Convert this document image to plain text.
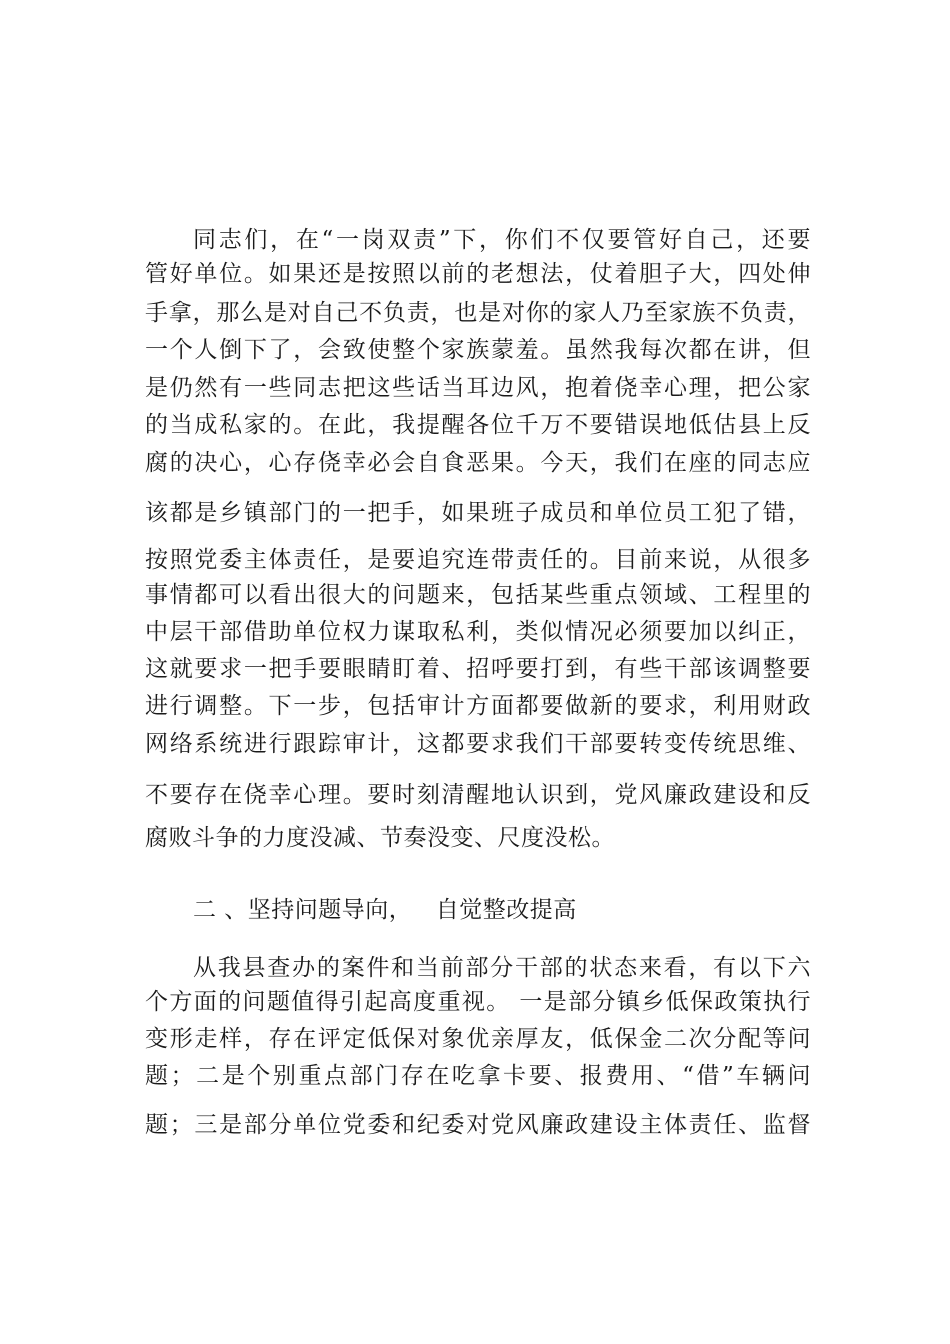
同志们，在“一岗双责”下，你们不仅要管好自己，还要
管好单位。如果还是按照以前的老想法，仗着胆子大，四处伸
手拿，那么是对自己不负责，也是对你的家人乃至家族不负责，
一个人倒下了，会致使整个家族蒙羞。虽然我每次都在讲，但
是仍然有一些同志把这些话当耳边风，抱着侥幸心理，把公家
的当成私家的。在此，我提醒各位千万不要错误地低估县上反
腐的决心，心存侥幸必会自食恶果。今天，我们在座的同志应
该都是乡镇部门的一把手，如果班子成员和单位员工犯了错，
按照党委主体责任，是要追究连带责任的。目前来说，从很多
事情都可以看出很大的问题来，包括某些重点领域、工程里的
中层干部借助单位权力谋取私利，类似情况必须要加以纠正，
这就要求一把手要眼睛盯着、招呼要打到，有些干部该调整要
进行调整。下一步，包括审计方面都要做新的要求，利用财政
网络系统进行跟踪审计，这都要求我们干部要转变传统思维、
不要存在侥幸心理。要时刻清醒地认识到，党风廉政建设和反
腐败斗争的力度没减、节奏没变、尺度没松。
二 、坚持问题导向，   自觉整改提高
从我县查办的案件和当前部分干部的状态来看，有以下六
个方面的问题值得引起高度重视。 一是部分镇乡低保政策执行
变形走样，存在评定低保对象优亲厚友，低保金二次分配等问
题；二是个别重点部门存在吃拿卡要、报费用、“借”车辆问
题；三是部分单位党委和纪委对党风廉政建设主体责任、监督
